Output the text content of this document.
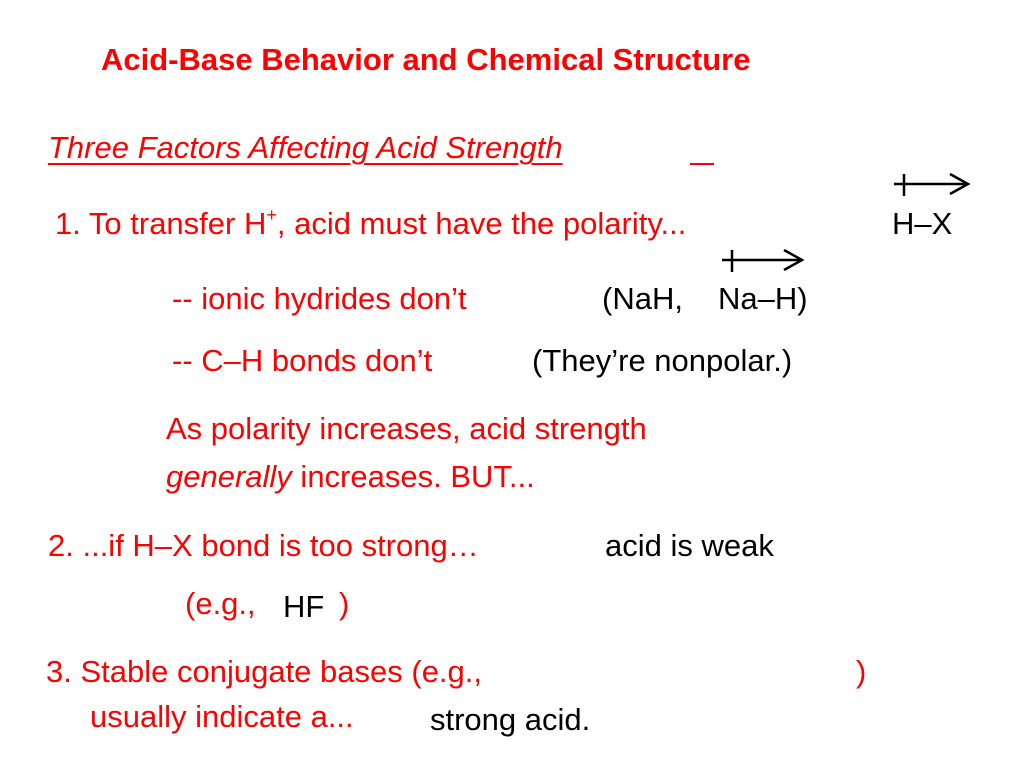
Acid-Base Behavior and Chemical Structure
Three Factors Affecting Acid Strength
1. To transfer H+, acid must have the polarity...	H–X
-- ionic hydrides don’t	(NaH, Na–H)
-- C–H bonds don’t	(They’re nonpolar.)
As polarity increases, acid strength
generally increases. BUT...
2. ...if H–X bond is too strong…	acid is weak
(e.g., HF )
3. Stable conjugate bases (e.g.,	)
usually indicate a... strong acid.
